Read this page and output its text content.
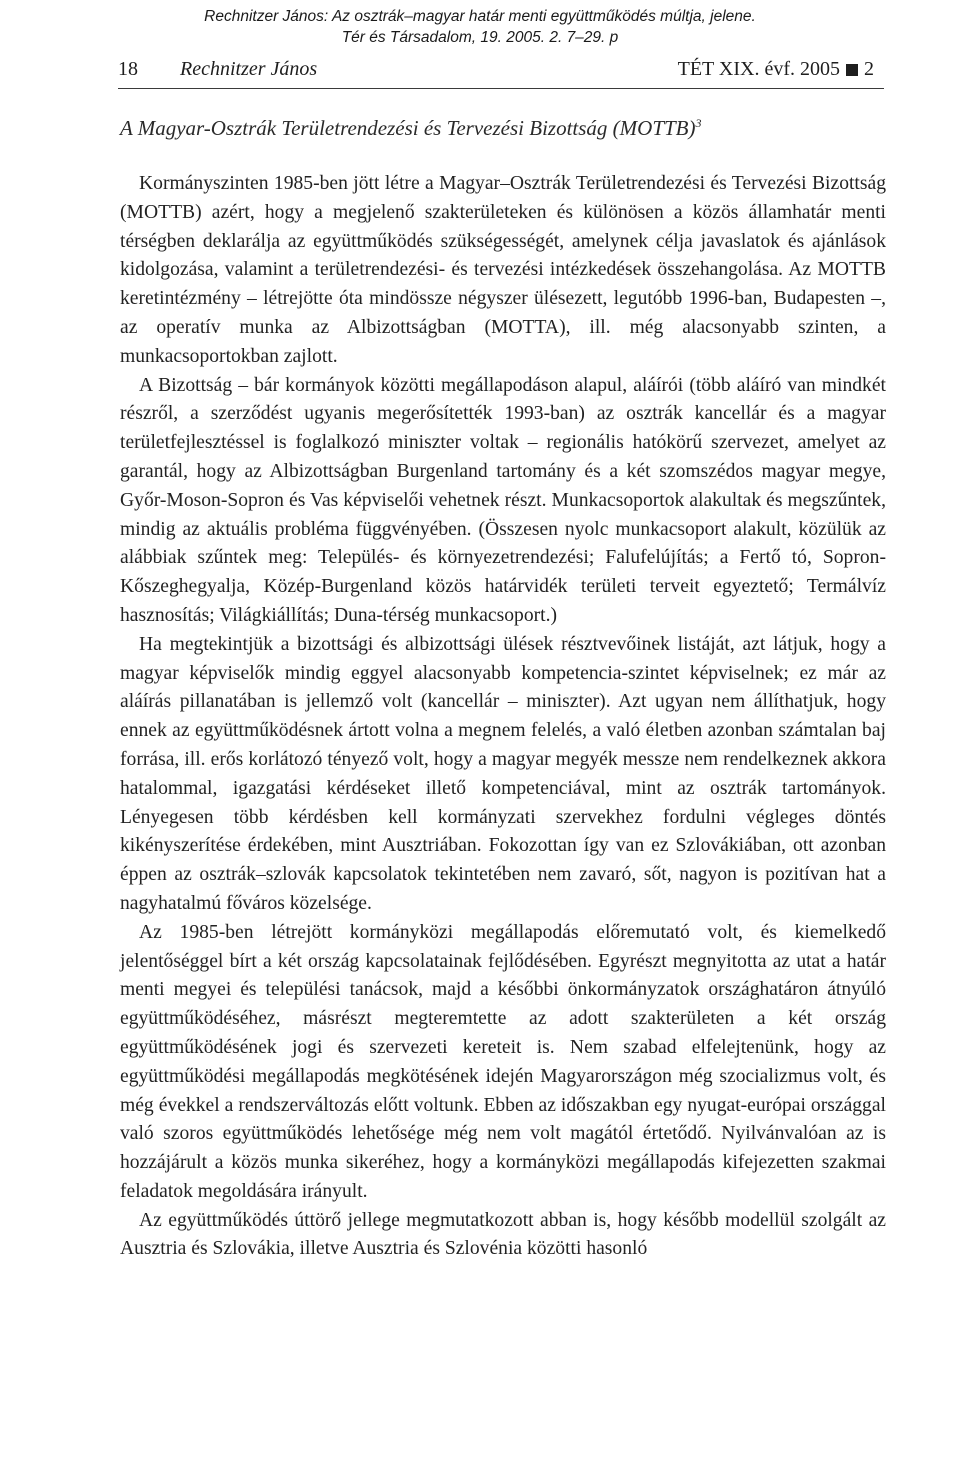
Rechnitzer János: Az osztrák–magyar határ menti együttműködés múltja, jelene.
Tér és Társadalom, 19. 2005. 2. 7–29. p
18 Rechnitzer János	TÉT XIX. évf. 2005 2
A Magyar-Osztrák Területrendezési és Tervezési Bizottság (MOTTB)$^3$

Kormányszinten 1985-ben jött létre a Magyar–Osztrák Területrendezési és Tervezési Bizottság (MOTTB) azért, hogy a megjelenő szakterületeken és különösen a közös államhatár menti térségben deklarálja az együttműködés szükségességét, amelynek célja javaslatok és ajánlások kidolgozása, valamint a területrendezési- és tervezési intézkedések összehangolása. Az MOTTB keretintézmény – létrejötte óta mindössze négyszer ülésezett, legutóbb 1996-ban, Budapesten –, az operatív munka az Albizottságban (MOTTA), ill. még alacsonyabb szinten, a munkacsoportokban zajlott.

A Bizottság – bár kormányok közötti megállapodáson alapul, aláírói (több aláíró van mindkét részről, a szerződést ugyanis megerősítették 1993-ban) az osztrák kancellár és a magyar területfejlesztéssel is foglalkozó miniszter voltak – regionális hatókörű szervezet, amelyet az garantál, hogy az Albizottságban Burgenland tartomány és a két szomszédos magyar megye, Győr-Moson-Sopron és Vas képviselői vehetnek részt. Munkacsoportok alakultak és megszűntek, mindig az aktuális probléma függvényében. (Összesen nyolc munkacsoport alakult, közülük az alábbiak szűntek meg: Település- és környezetrendezési; Falufelújítás; a Fertő tó, Sopron-Kőszeghegyalja, Közép-Burgenland közös határvidék területi terveit egyeztető; Termálvíz hasznosítás; Világkiállítás; Duna-térség munkacsoport.)

Ha megtekintjük a bizottsági és albizottsági ülések résztvevőinek listáját, azt látjuk, hogy a magyar képviselők mindig eggyel alacsonyabb kompetencia-szintet képviselnek; ez már az aláírás pillanatában is jellemző volt (kancellár – miniszter). Azt ugyan nem állíthatjuk, hogy ennek az együttműködésnek ártott volna a megnem felelés, a való életben azonban számtalan baj forrása, ill. erős korlátozó tényező volt, hogy a magyar megyék messze nem rendelkeznek akkora hatalommal, igazgatási kérdéseket illető kompetenciával, mint az osztrák tartományok. Lényegesen több kérdésben kell kormányzati szervekhez fordulni végleges döntés kikényszerítése érdekében, mint Ausztriában. Fokozottan így van ez Szlovákiában, ott azonban éppen az osztrák–szlovák kapcsolatok tekintetében nem zavaró, sőt, nagyon is pozitívan hat a nagyhatalmú főváros közelsége.

Az 1985-ben létrejött kormányközi megállapodás előremutató volt, és kiemelkedő jelentőséggel bírt a két ország kapcsolatainak fejlődésében. Egyrészt megnyitotta az utat a határ menti megyei és települési tanácsok, majd a későbbi önkormányzatok országhatáron átnyúló együttműködéséhez, másrészt megteremtette az adott szakterületen a két ország együttműködésének jogi és szervezeti kereteit is. Nem szabad elfelejtenünk, hogy az együttműködési megállapodás megkötésének idején Magyarországon még szocializmus volt, és még évekkel a rendszerváltozás előtt voltunk. Ebben az időszakban egy nyugat-európai országgal való szoros együttműködés lehetősége még nem volt magától értetődő. Nyilvánvalóan az is hozzájárult a közös munka sikeréhez, hogy a kormányközi megállapodás kifejezetten szakmai feladatok megoldására irányult.

Az együttműködés úttörő jellege megmutatkozott abban is, hogy később modellül szolgált az Ausztria és Szlovákia, illetve Ausztria és Szlovénia közötti hasonló
